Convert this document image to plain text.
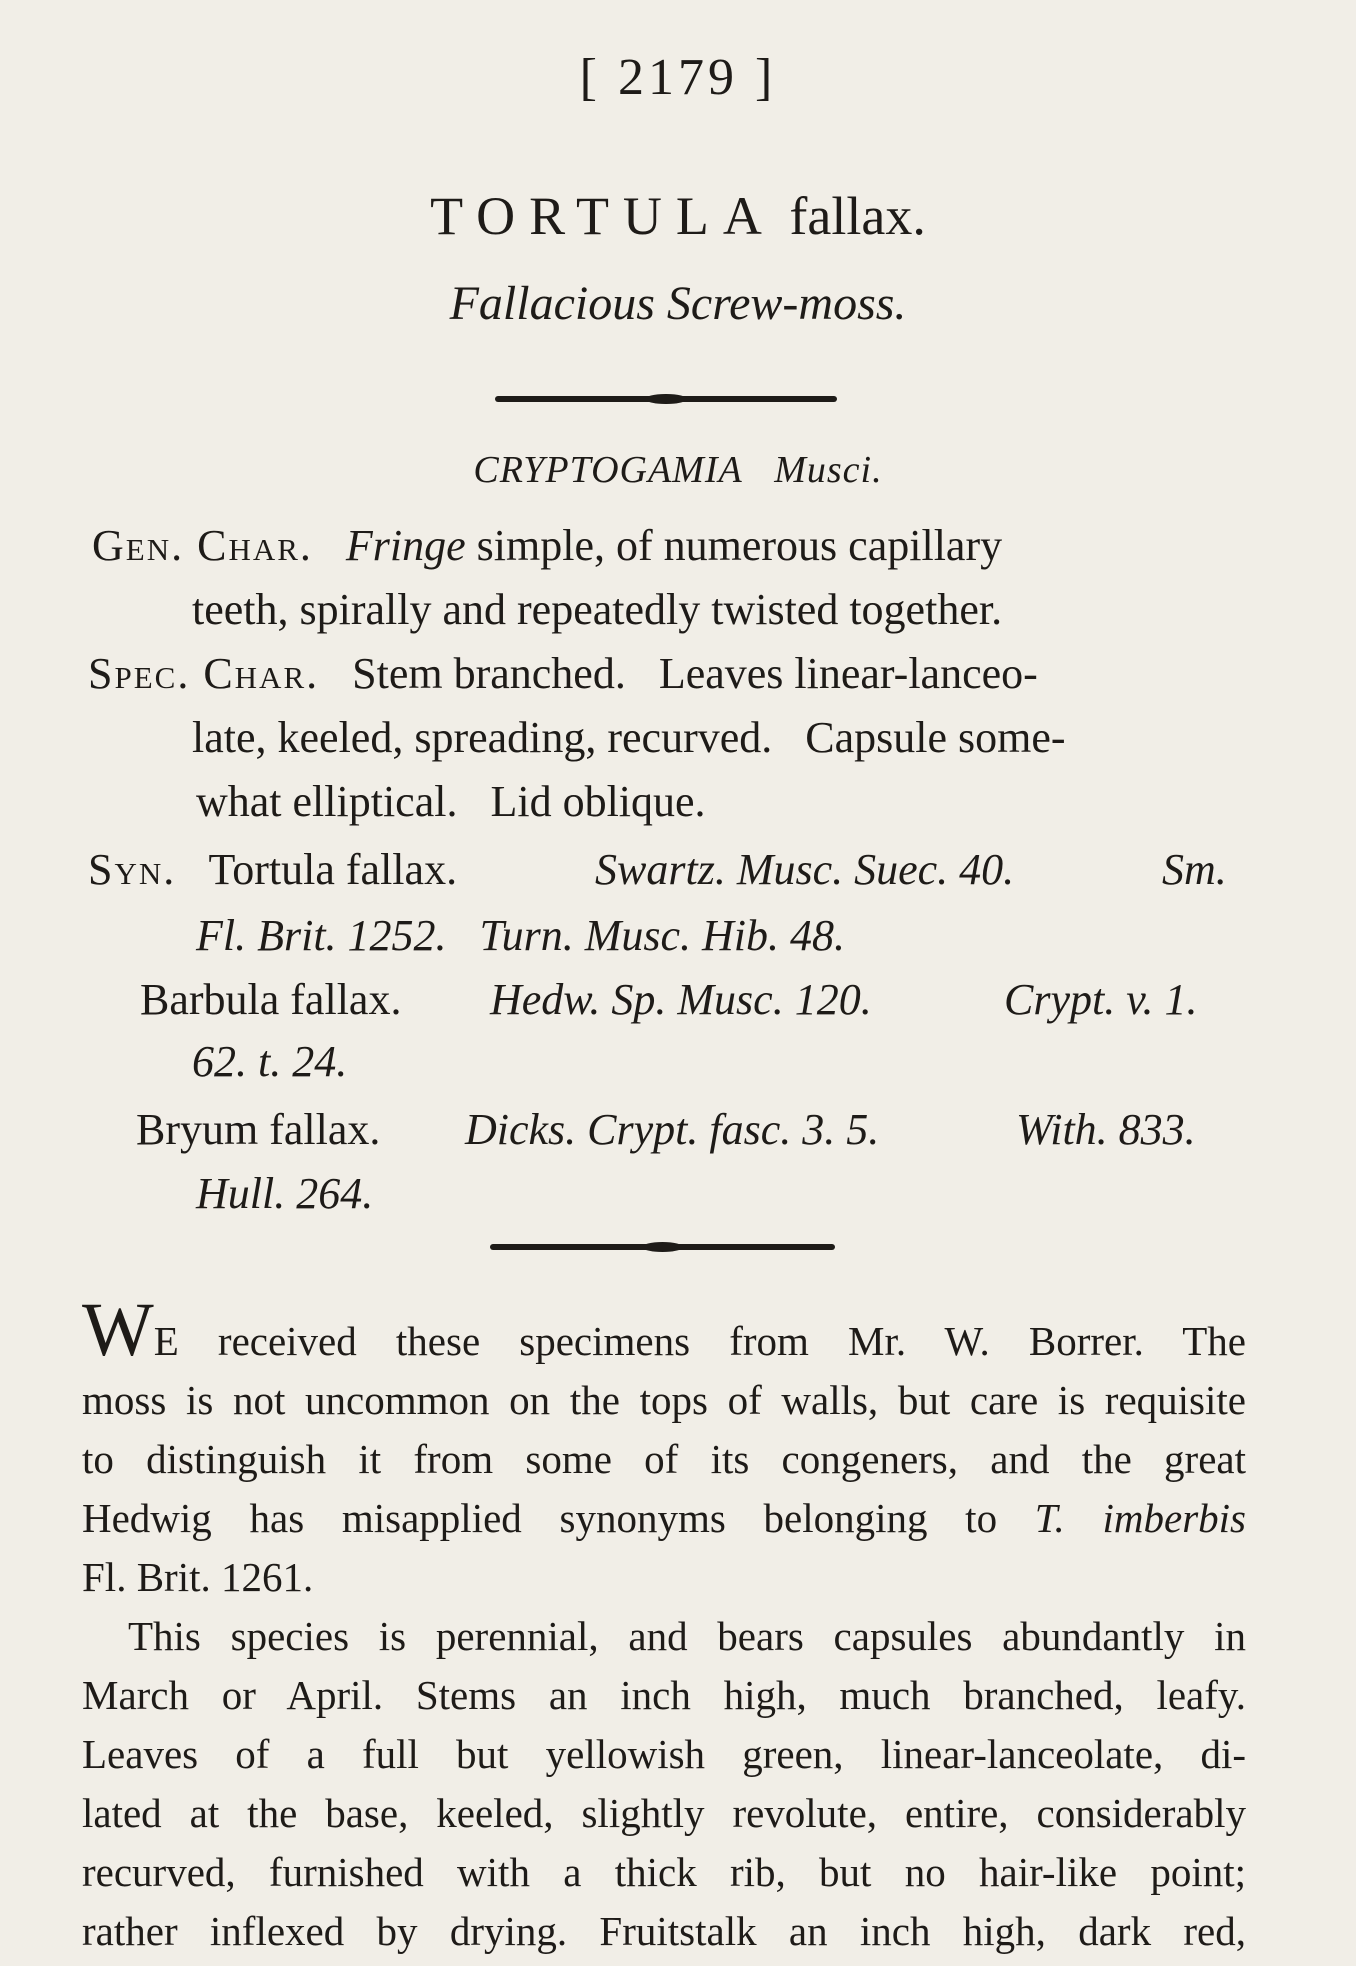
[ 2179 ]
TORTULA fallax.
Fallacious Screw-moss.
CRYPTOGAMIA Musci.
Gen. Char. Fringe simple, of numerous capillary
teeth, spirally and repeatedly twisted together.
Spec. Char. Stem branched.   Leaves linear-lanceo-
late, keeled, spreading, recurved.   Capsule some-
what elliptical.   Lid oblique.
Syn. Tortula fallax.	Swartz. Musc. Suec. 40.	Sm.
Fl. Brit. 1252.   Turn. Musc. Hib. 48.
Barbula fallax. Hedw. Sp. Musc. 120.	Crypt. v. 1.
62. t. 24.
Bryum fallax. Dicks. Crypt. fasc. 3. 5.	With. 833.
Hull. 264.

WE received these specimens from Mr. W. Borrer. The
moss is not uncommon on the tops of walls, but care is requisite
to distinguish it from some of its congeners, and the great
Hedwig has misapplied synonyms belonging to T. imberbis
Fl. Brit. 1261.

This species is perennial, and bears capsules abundantly in
March or April. Stems an inch high, much branched, leafy.
Leaves of a full but yellowish green, linear-lanceolate, di-
lated at the base, keeled, slightly revolute, entire, considerably
recurved, furnished with a thick rib, but no hair-like point;
rather inflexed by drying. Fruitstalk an inch high, dark red,
